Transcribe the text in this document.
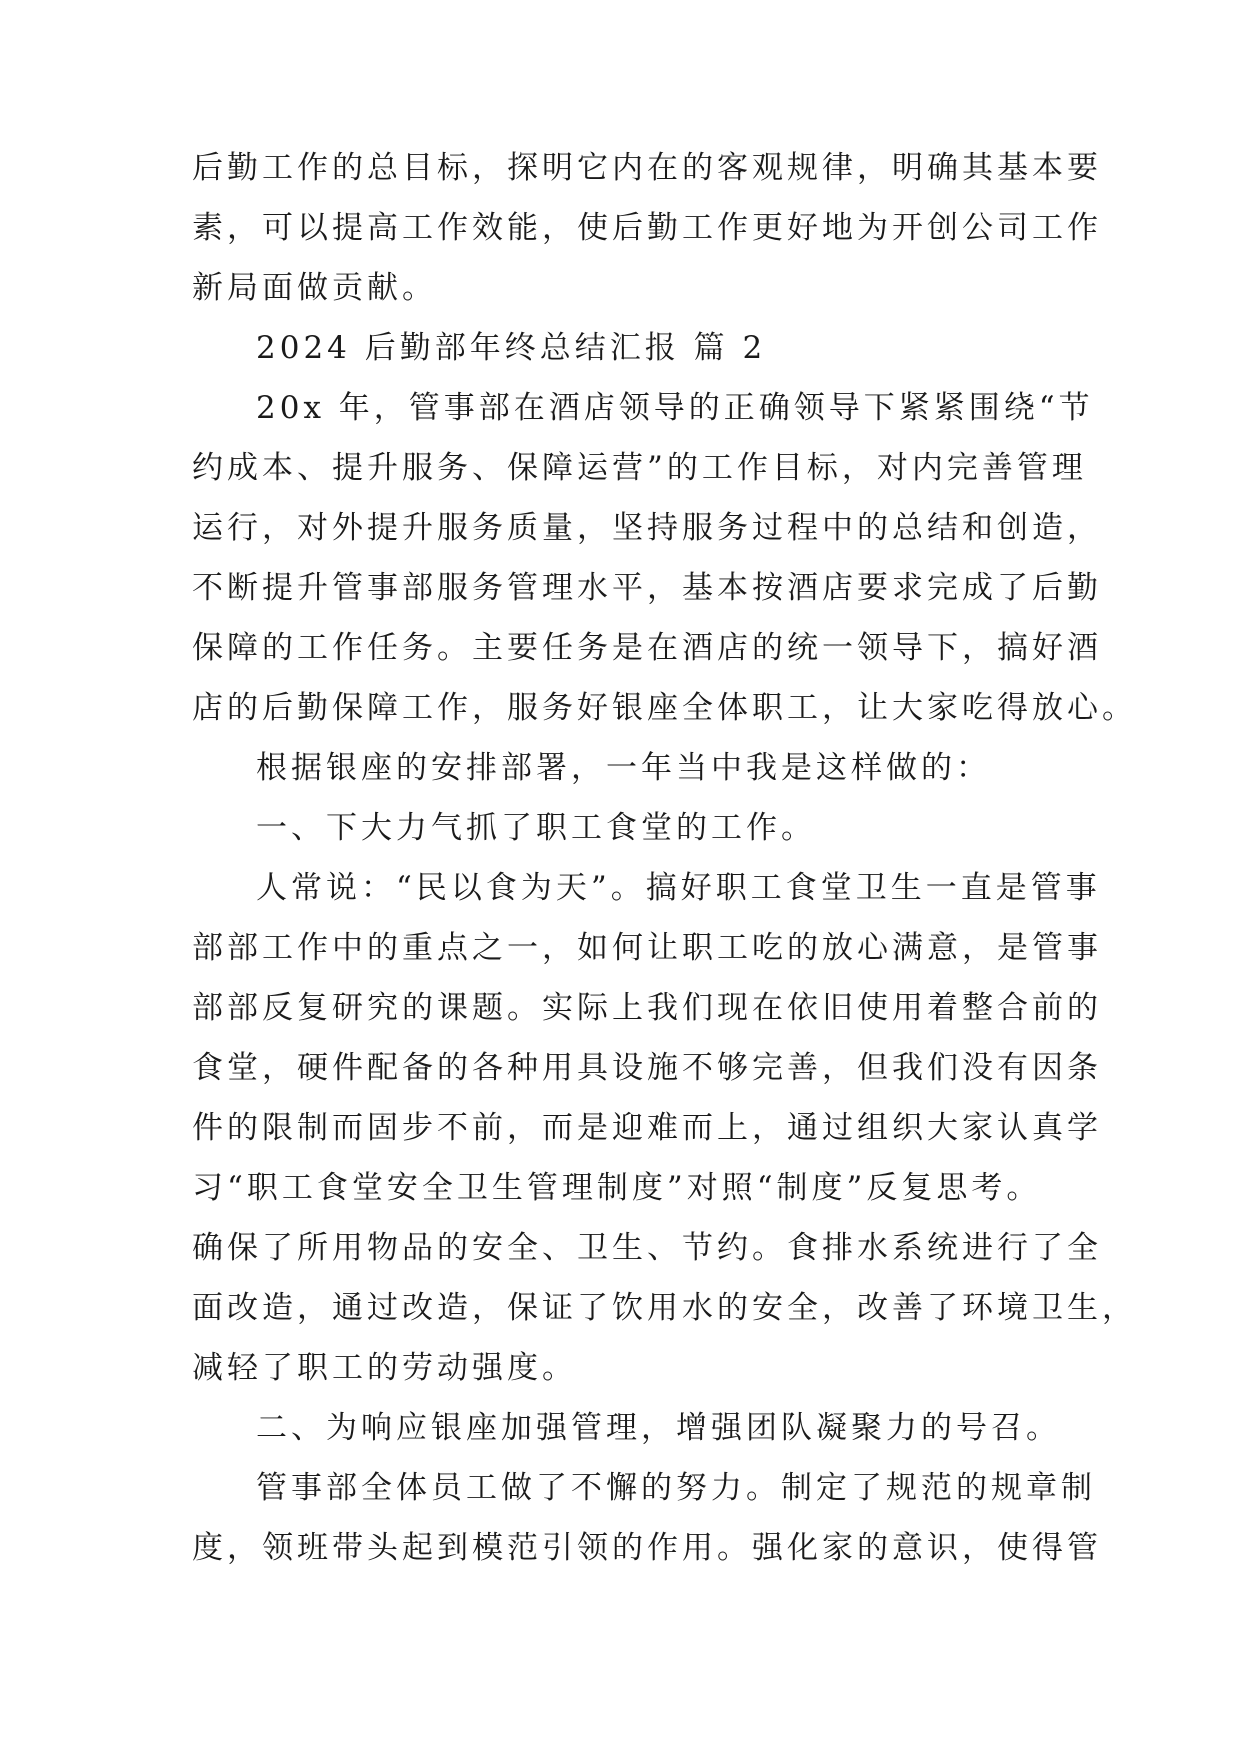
后勤工作的总目标，探明它内在的客观规律，明确其基本要
素，可以提高工作效能，使后勤工作更好地为开创公司工作
新局面做贡献。
2024 后勤部年终总结汇报 篇 2
20x 年，管事部在酒店领导的正确领导下紧紧围绕“节
约成本、提升服务、保障运营”的工作目标，对内完善管理
运行，对外提升服务质量，坚持服务过程中的总结和创造，
不断提升管事部服务管理水平，基本按酒店要求完成了后勤
保障的工作任务。主要任务是在酒店的统一领导下，搞好酒
店的后勤保障工作，服务好银座全体职工，让大家吃得放心。
根据银座的安排部署，一年当中我是这样做的：
一、下大力气抓了职工食堂的工作。
人常说：“民以食为天”。搞好职工食堂卫生一直是管事
部部工作中的重点之一，如何让职工吃的放心满意，是管事
部部反复研究的课题。实际上我们现在依旧使用着整合前的
食堂，硬件配备的各种用具设施不够完善，但我们没有因条
件的限制而固步不前，而是迎难而上，通过组织大家认真学
习“职工食堂安全卫生管理制度”对照“制度”反复思考。
确保了所用物品的安全、卫生、节约。食排水系统进行了全
面改造，通过改造，保证了饮用水的安全，改善了环境卫生，
减轻了职工的劳动强度。
二、为响应银座加强管理，增强团队凝聚力的号召。
管事部全体员工做了不懈的努力。制定了规范的规章制
度，领班带头起到模范引领的作用。强化家的意识，使得管
